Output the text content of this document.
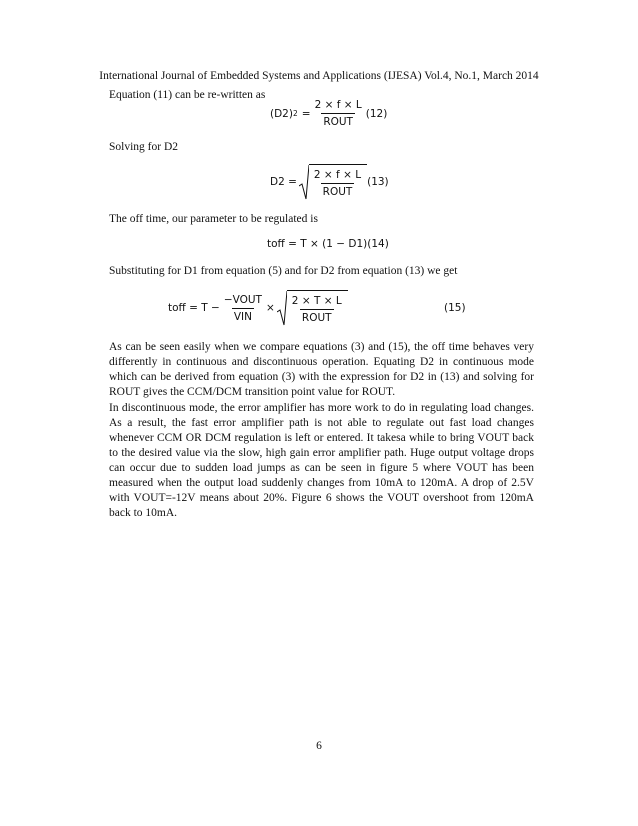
International Journal of Embedded Systems and Applications (IJESA) Vol.4, No.1, March 2014

Equation (11) can be re-written as

(D2) $2 = \frac{2 \times f \times L}{\text{ROUT}} (12)$

Solving for D2

$D2 = \frac{2 \times f \times L}{\text{ROUT}} (13)$

The off time, our parameter to be regulated is

toff = T × (1 − D1)(14)

Substituting for D1 from equation (5) and for D2 from equation (13) we get

toff = $T - \frac{\text{−VOUT}}{\text{VIN}} \times \frac{2 \times T \times L}{\text{ROUT}}$	(15)

As can be seen easily when we compare equations (3) and (15), the off time behaves very differently in continuous and discontinuous operation. Equating D2 in continuous mode which can be derived from equation (3) with the expression for D2 in (13) and solving for ROUT gives the CCM/DCM transition point value for ROUT.

In discontinuous mode, the error amplifier has more work to do in regulating load changes. As a result, the fast error amplifier path is not able to regulate out fast load changes whenever CCM OR DCM regulation is left or entered. It takesa while to bring VOUT back to the desired value via the slow, high gain error amplifier path. Huge output voltage drops can occur due to sudden load jumps as can be seen in figure 5 where VOUT has been measured when the output load suddenly changes from 10mA to 120mA. A drop of 2.5V with VOUT=-12V means about 20%. Figure 6 shows the VOUT overshoot from 120mA back to 10mA.

6
